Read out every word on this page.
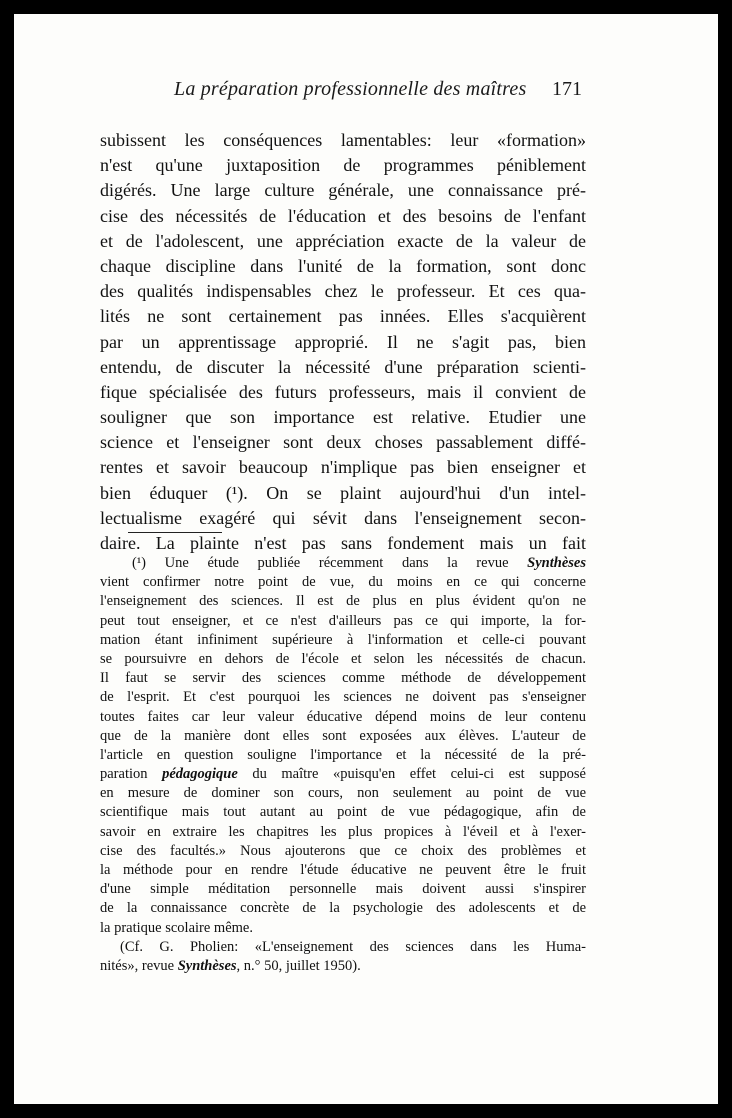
La préparation professionnelle des maîtres 171
subissent les conséquences lamentables: leur «formation»
n'est qu'une juxtaposition de programmes péniblement
digérés. Une large culture générale, une connaissance pré-
cise des nécessités de l'éducation et des besoins de l'enfant
et de l'adolescent, une appréciation exacte de la valeur de
chaque discipline dans l'unité de la formation, sont donc
des qualités indispensables chez le professeur. Et ces qua-
lités ne sont certainement pas innées. Elles s'acquièrent
par un apprentissage approprié. Il ne s'agit pas, bien
entendu, de discuter la nécessité d'une préparation scienti-
fique spécialisée des futurs professeurs, mais il convient de
souligner que son importance est relative. Etudier une
science et l'enseigner sont deux choses passablement diffé-
rentes et savoir beaucoup n'implique pas bien enseigner et
bien éduquer (¹). On se plaint aujourd'hui d'un intel-
lectualisme exagéré qui sévit dans l'enseignement secon-
daire. La plainte n'est pas sans fondement mais un fait
(¹) Une étude publiée récemment dans la revue Synthèses
vient confirmer notre point de vue, du moins en ce qui concerne
l'enseignement des sciences. Il est de plus en plus évident qu'on ne
peut tout enseigner, et ce n'est d'ailleurs pas ce qui importe, la for-
mation étant infiniment supérieure à l'information et celle-ci pouvant
se poursuivre en dehors de l'école et selon les nécessités de chacun.
Il faut se servir des sciences comme méthode de développement
de l'esprit. Et c'est pourquoi les sciences ne doivent pas s'enseigner
toutes faites car leur valeur éducative dépend moins de leur contenu
que de la manière dont elles sont exposées aux élèves. L'auteur de
l'article en question souligne l'importance et la nécessité de la pré-
paration pédagogique du maître «puisqu'en effet celui-ci est supposé
en mesure de dominer son cours, non seulement au point de vue
scientifique mais tout autant au point de vue pédagogique, afin de
savoir en extraire les chapitres les plus propices à l'éveil et à l'exer-
cise des facultés.» Nous ajouterons que ce choix des problèmes et
la méthode pour en rendre l'étude éducative ne peuvent être le fruit
d'une simple méditation personnelle mais doivent aussi s'inspirer
de la connaissance concrète de la psychologie des adolescents et de
la pratique scolaire même.
(Cf. G. Pholien: «L'enseignement des sciences dans les Huma-
nités», revue Synthèses, n.° 50, juillet 1950).
